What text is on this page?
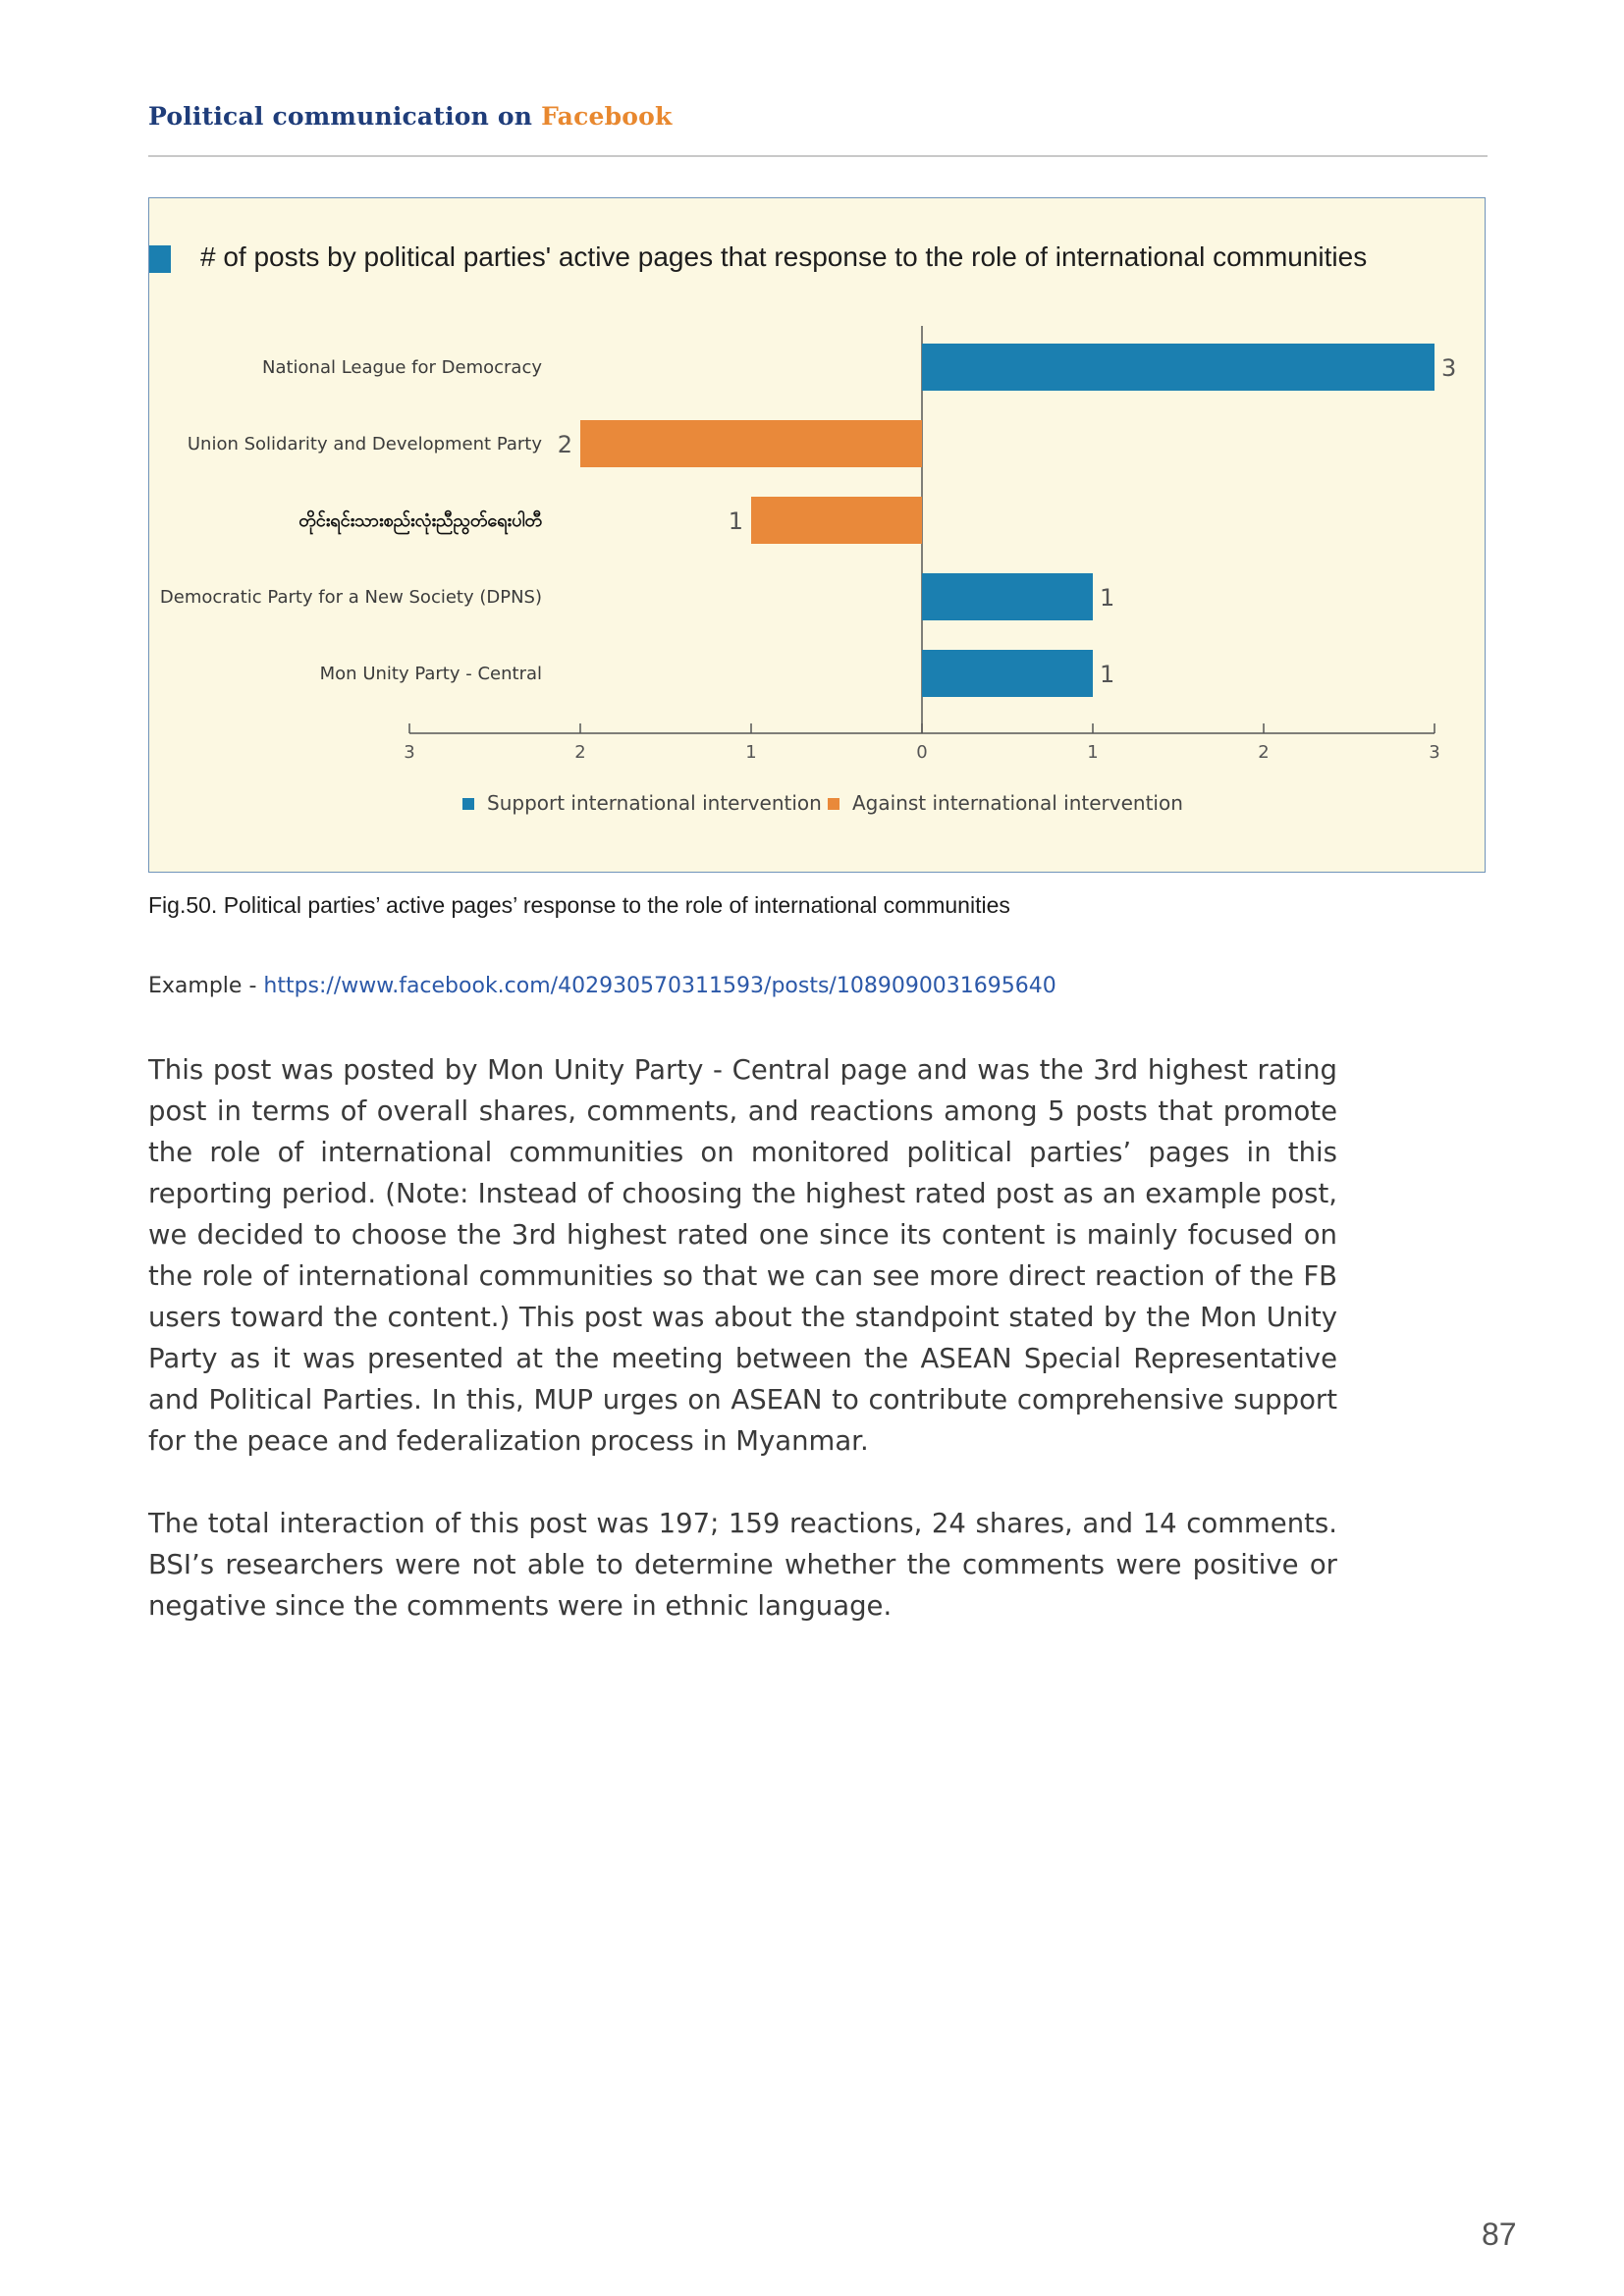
Political communication on Facebook
# of posts by political parties' active pages that response to the role of international communities
National League for Democracy	3
Union Solidarity and Development Party 2
တိုင်းရင်းသားစည်းလုံးညီညွတ်ရေးပါတီ	1
Democratic Party for a New Society (DPNS)	1
Mon Unity Party - Central	1
3	2	1	0	1	2	3
Support international intervention Against international intervention
Fig.50. Political parties’ active pages’ response to the role of international communities
Example - https://www.facebook.com/402930570311593/posts/1089090031695640

This post was posted by Mon Unity Party - Central page and was the 3rd highest rating post in terms of overall shares, comments, and reactions among 5 posts that promote the role of international communities on monitored political parties’ pages in this reporting period. (Note: Instead of choosing the highest rated post as an example post, we decided to choose the 3rd highest rated one since its content is mainly focused on the role of international communities so that we can see more direct reaction of the FB users toward the content.) This post was about the standpoint stated by the Mon Unity Party as it was presented at the meeting between the ASEAN Special Representative and Political Parties. In this, MUP urges on ASEAN to contribute comprehensive support for the peace and federalization process in Myanmar.

The total interaction of this post was 197; 159 reactions, 24 shares, and 14 comments. BSI’s researchers were not able to determine whether the comments were positive or negative since the comments were in ethnic language.

87
